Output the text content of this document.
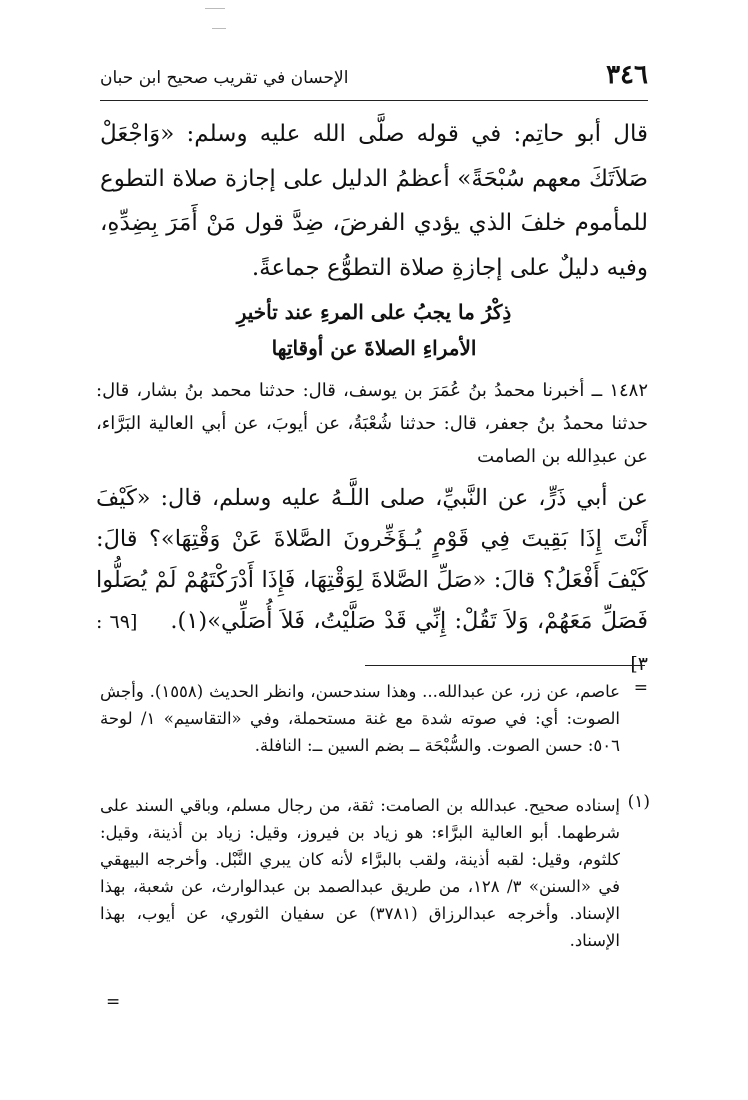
٣٤٦
الإحسان في تقريب صحيح ابن حبان
قال أبو حاتِم: في قوله صلَّى الله عليه وسلم: «وَاجْعَلْ صَلاَتَكَ معهم سُبْحَةً» أعظمُ الدليل على إجازة صلاة التطوع للمأموم خلفَ الذي يؤدي الفرضَ، ضِدَّ قول مَنْ أَمَرَ بِضِدِّهِ، وفيه دليلٌ على إجازةِ صلاة التطوُّع جماعةً.
ذِكْرُ ما يجبُ على المرءِ عند تأخيرِ
الأمراءِ الصلاةَ عن أوقاتِها
١٤٨٢ ــ أخبرنا محمدُ بنُ عُمَرَ بن يوسف، قال: حدثنا محمد بنُ بشار، قال: حدثنا محمدُ بنُ جعفر، قال: حدثنا شُعْبَةُ، عن أيوبَ، عن أبي العالية البَرَّاء، عن عبدِالله بن الصامت
عن أبي ذَرٍّ، عن النَّبيِّ، صلى اللَّـهُ عليه وسلم، قال: «كَيْفَ أَنْتَ إِذَا بَقِيتَ فِي قَوْمٍ يُـؤَخِّرونَ الصَّلاةَ عَنْ وَقْتِهَا»؟ قالَ: كَيْفَ أَفْعَلُ؟ قالَ: «صَلِّ الصَّلاةَ لِوَقْتِهَا، فَإِذَا أَدْرَكْتَهُمْ لَمْ يُصَلُّوا فَصَلِّ مَعَهُمْ، وَلاَ تَقُلْ: إِنِّي قَدْ صَلَّيْتُ، فَلاَ أُصَلِّي»(١).    [٦٩ : ٣]
=
عاصم، عن زر، عن عبدالله... وهذا سندحسن، وانظر الحديث (١٥٥٨). وأجش الصوت: أي: في صوته شدة مع غنة مستحملة، وفي «التقاسيم» ١/ لوحة ٥٠٦: حسن الصوت. والسُّبْحَة ــ بضم السين ــ: النافلة.
(١)
إسناده صحيح. عبدالله بن الصامت: ثقة، من رجال مسلم، وباقي السند على شرطهما. أبو العالية البرَّاء: هو زياد بن فيروز، وقيل: زياد بن أذينة، وقيل: كلثوم، وقيل: لقبه أذينة، ولقب بالبرَّاء لأنه كان يبري النَّبْل. وأخرجه البيهقي في «السنن» ٣/ ١٢٨، من طريق عبدالصمد بن عبدالوارث، عن شعبة، بهذا الإسناد. وأخرجه عبدالرزاق (٣٧٨١) عن سفيان الثوري، عن أيوب، بهذا الإسناد.
=
